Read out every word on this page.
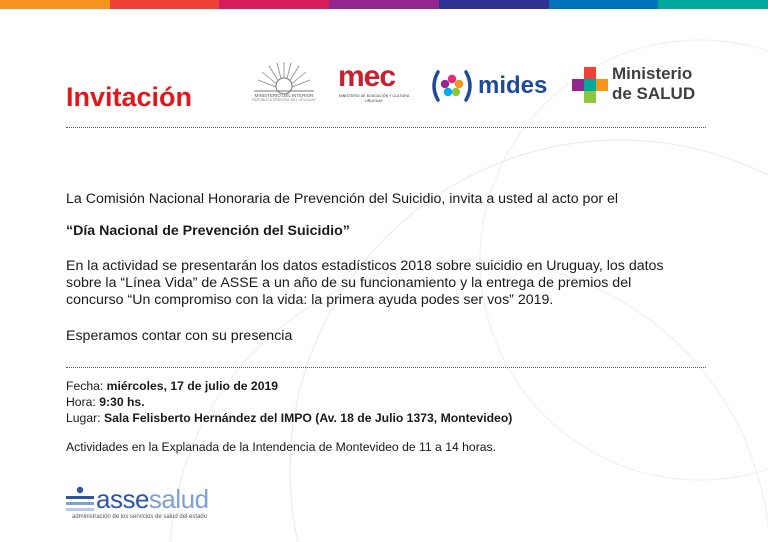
Invitación	MINISTERIO DEL INTERIOR
REPÚBLICA ORIENTAL DEL URUGUAY
mec
MINISTERIO DE EDUCACIÓN Y CULTURA
URUGUAY
mides	Ministerio
de SALUD

La Comisión Nacional Honoraria de Prevención del Suicidio, invita a usted al acto por el

“Día Nacional de Prevención del Suicidio”

En la actividad se presentarán los datos estadísticos 2018 sobre suicidio en Uruguay, los datos

sobre la “Línea Vida” de ASSE a un año de su funcionamiento y la entrega de premios del

concurso “Un compromiso con la vida: la primera ayuda podes ser vos” 2019.

Esperamos contar con su presencia

Fecha: miércoles, 17 de julio de 2019

Hora: 9:30 hs.

Lugar: Sala Felisberto Hernández del IMPO (Av. 18 de Julio 1373, Montevideo)

Actividades en la Explanada de la Intendencia de Montevideo de 11 a 14 horas.

assesalud
administración de los servicios de salud del estado
